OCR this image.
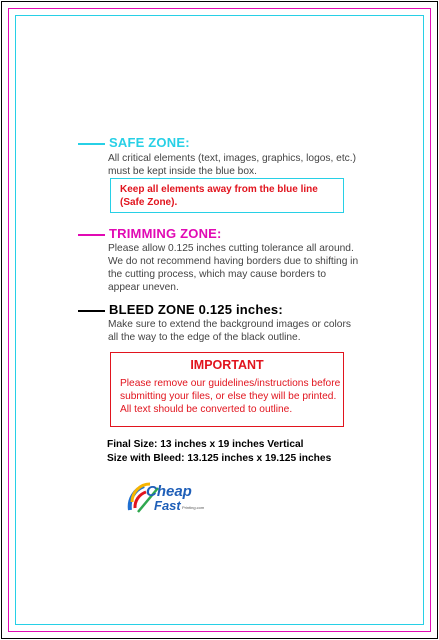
SAFE ZONE:
All critical elements (text, images, graphics, logos, etc.)
must be kept inside the blue box.
Keep all elements away from the blue line
(Safe Zone).
TRIMMING ZONE:
Please allow 0.125 inches cutting tolerance all around.
We do not recommend having borders due to shifting in
the cutting process, which may cause borders to
appear uneven.
BLEED ZONE 0.125 inches:
Make sure to extend the background images or colors
all the way to the edge of the black outline.
IMPORTANT
Please remove our guidelines/instructions before
submitting your files, or else they will be printed.
All text should be converted to outline.
Final Size: 13 inches x 19 inches Vertical
Size with Bleed: 13.125 inches x 19.125 inches
Cheap
Fast Printing.com
